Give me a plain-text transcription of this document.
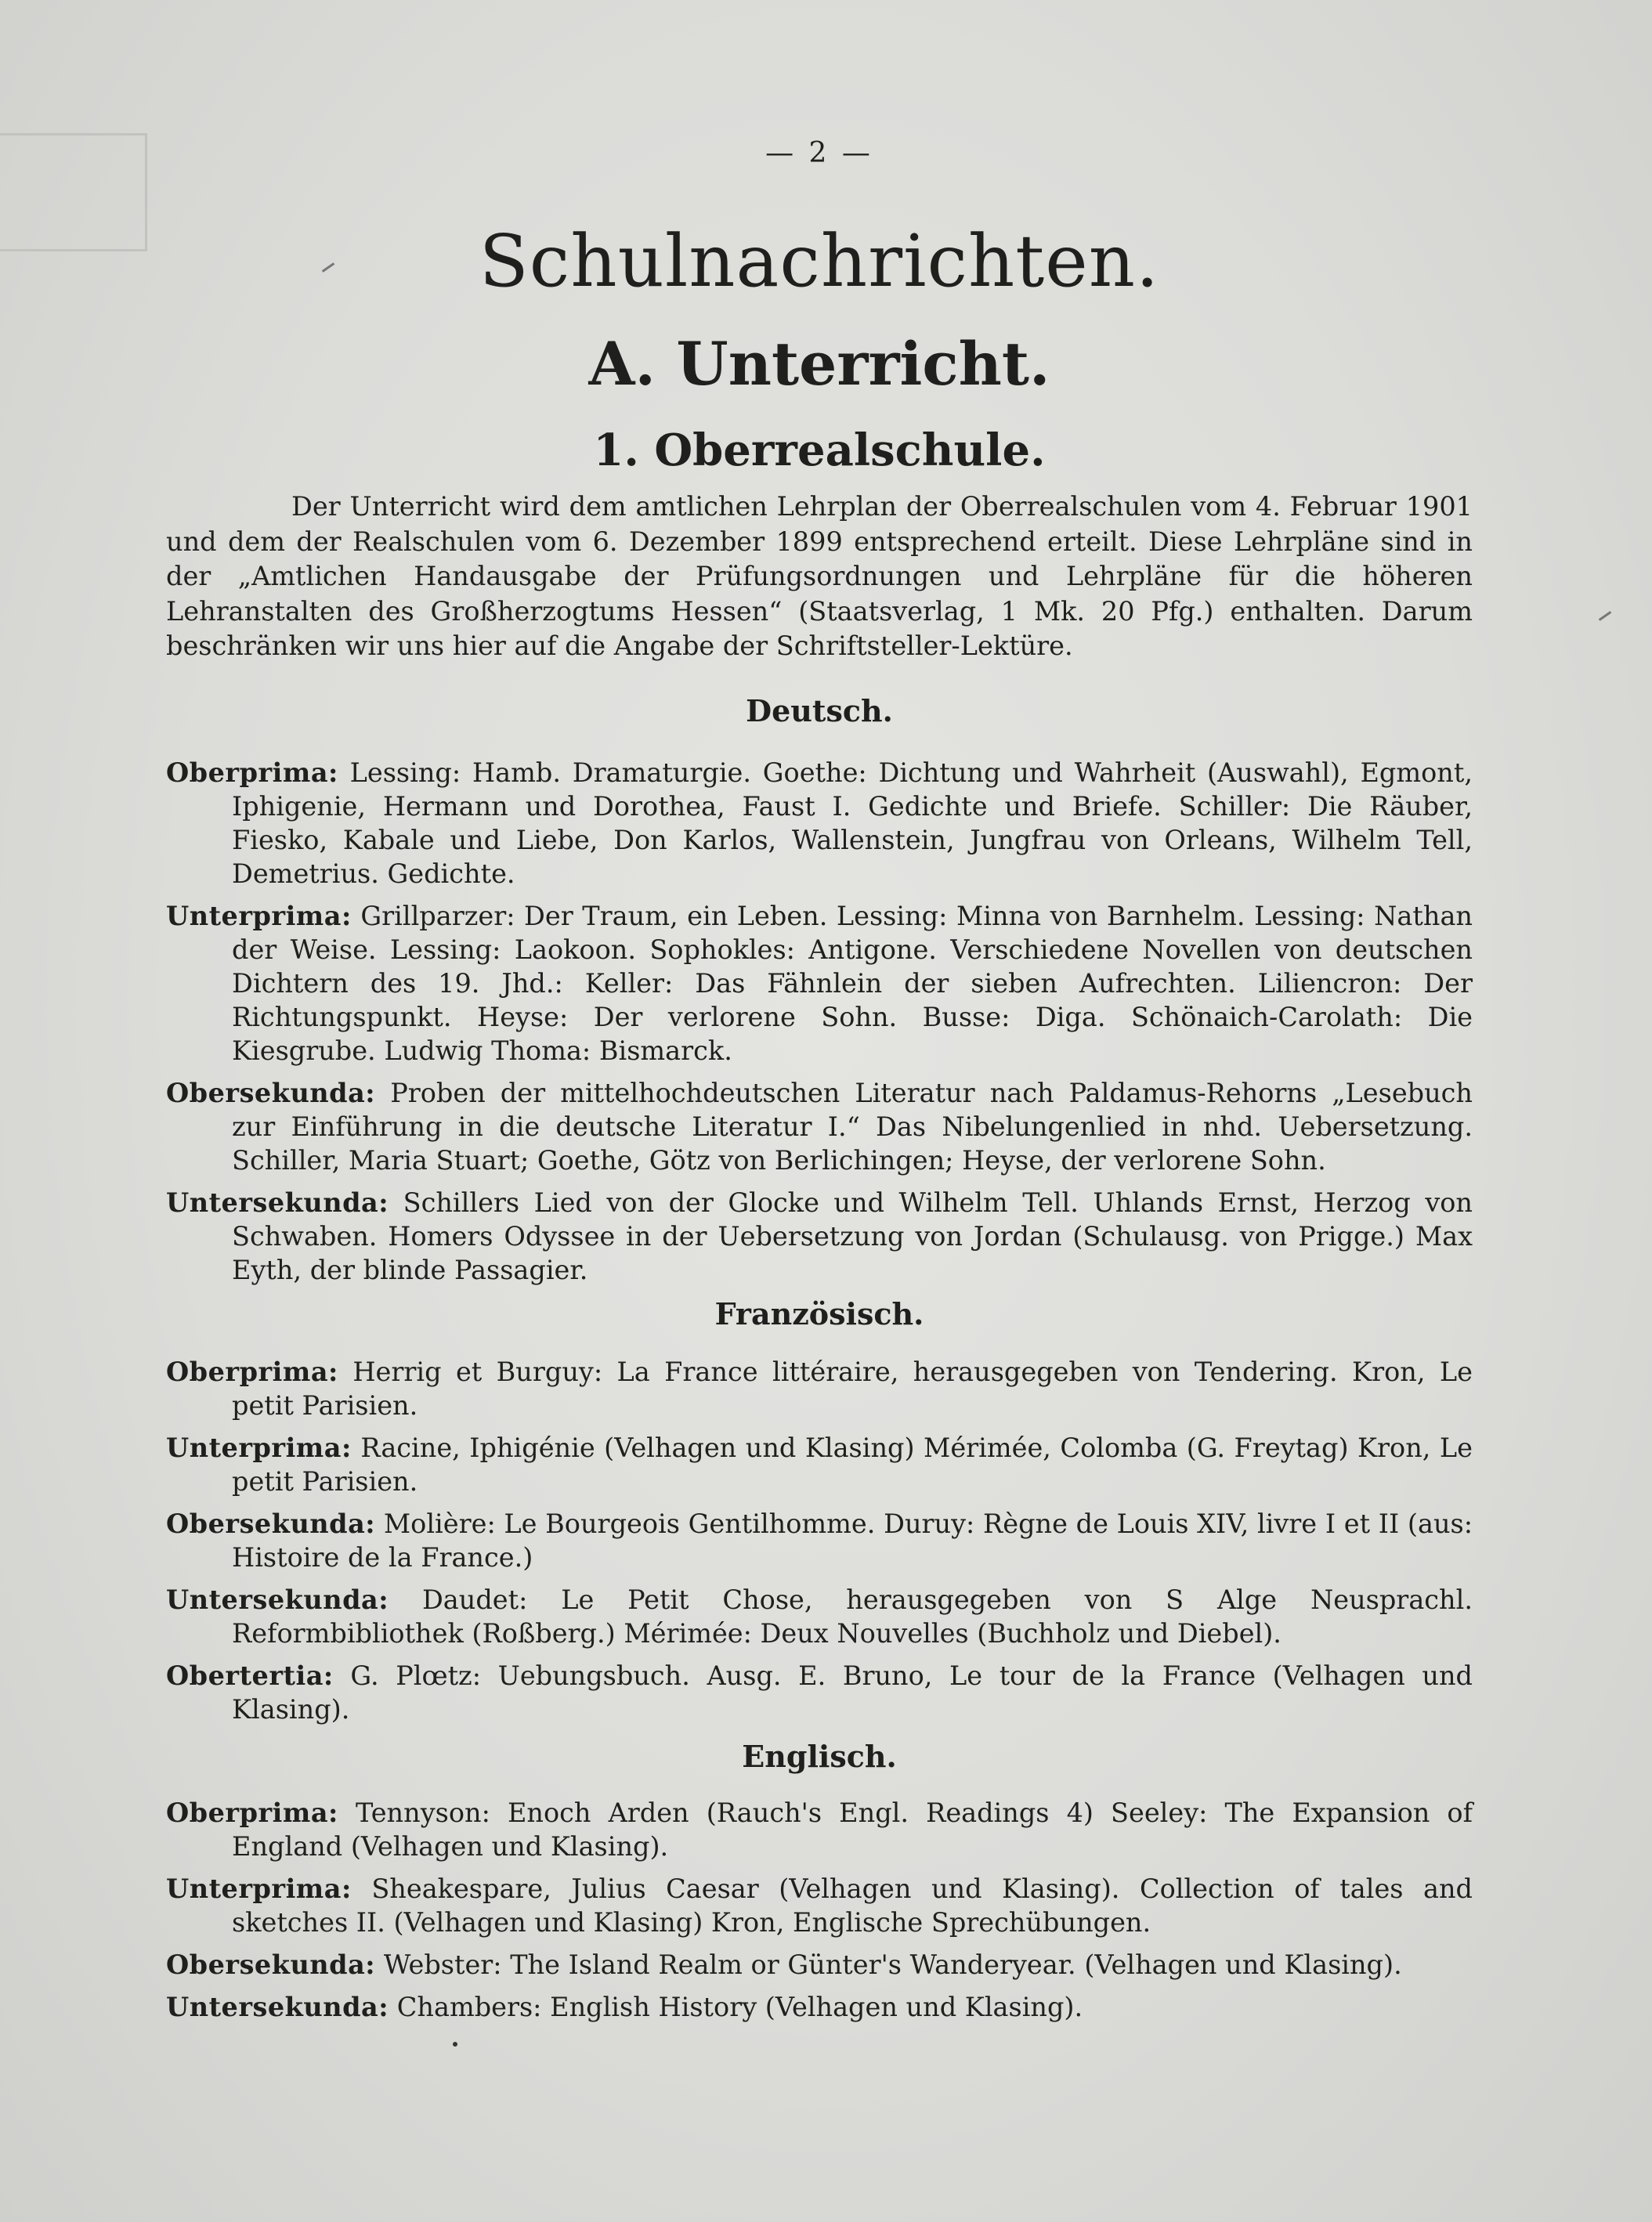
— 2 —
Schulnachrichten.
A. Unterricht.
1. Oberrealschule.
Der Unterricht wird dem amtlichen Lehrplan der Oberrealschulen vom 4. Februar 1901 und dem der Realschulen vom 6. Dezember 1899 entsprechend erteilt. Diese Lehrpläne sind in der „Amtlichen Handausgabe der Prüfungsordnungen und Lehrpläne für die höheren Lehranstalten des Großherzogtums Hessen“ (Staatsverlag, 1 Mk. 20 Pfg.) enthalten. Darum beschränken wir uns hier auf die Angabe der Schriftsteller-Lektüre.
Deutsch.
Oberprima: Lessing: Hamb. Dramaturgie. Goethe: Dichtung und Wahrheit (Auswahl), Egmont, Iphigenie, Hermann und Dorothea, Faust I. Gedichte und Briefe. Schiller: Die Räuber, Fiesko, Kabale und Liebe, Don Karlos, Wallenstein, Jungfrau von Orleans, Wilhelm Tell, Demetrius. Gedichte.
Unterprima: Grillparzer: Der Traum, ein Leben. Lessing: Minna von Barnhelm. Lessing: Nathan der Weise. Lessing: Laokoon. Sophokles: Antigone. Verschiedene Novellen von deutschen Dichtern des 19. Jhd.: Keller: Das Fähnlein der sieben Aufrechten. Liliencron: Der Richtungspunkt. Heyse: Der verlorene Sohn. Busse: Diga. Schönaich-Carolath: Die Kiesgrube. Ludwig Thoma: Bismarck.
Obersekunda: Proben der mittelhochdeutschen Literatur nach Paldamus-Rehorns „Lesebuch zur Einführung in die deutsche Literatur I.“ Das Nibelungenlied in nhd. Uebersetzung. Schiller, Maria Stuart; Goethe, Götz von Berlichingen; Heyse, der verlorene Sohn.
Untersekunda: Schillers Lied von der Glocke und Wilhelm Tell. Uhlands Ernst, Herzog von Schwaben. Homers Odyssee in der Uebersetzung von Jordan (Schulausg. von Prigge.) Max Eyth, der blinde Passagier.
Französisch.
Oberprima: Herrig et Burguy: La France littéraire, herausgegeben von Tendering. Kron, Le petit Parisien.
Unterprima: Racine, Iphigénie (Velhagen und Klasing) Mérimée, Colomba (G. Freytag) Kron, Le petit Parisien.
Obersekunda: Molière: Le Bourgeois Gentilhomme. Duruy: Règne de Louis XIV, livre I et II (aus: Histoire de la France.)
Untersekunda: Daudet: Le Petit Chose, herausgegeben von S Alge Neusprachl. Reformbibliothek (Roßberg.) Mérimée: Deux Nouvelles (Buchholz und Diebel).
Obertertia: G. Plœtz: Uebungsbuch. Ausg. E. Bruno, Le tour de la France (Velhagen und Klasing).
Englisch.
Oberprima: Tennyson: Enoch Arden (Rauch's Engl. Readings 4) Seeley: The Expansion of England (Velhagen und Klasing).
Unterprima: Sheakespare, Julius Caesar (Velhagen und Klasing). Collection of tales and sketches II. (Velhagen und Klasing) Kron, Englische Sprechübungen.
Obersekunda: Webster: The Island Realm or Günter's Wanderyear. (Velhagen und Klasing).
Untersekunda: Chambers: English History (Velhagen und Klasing).
